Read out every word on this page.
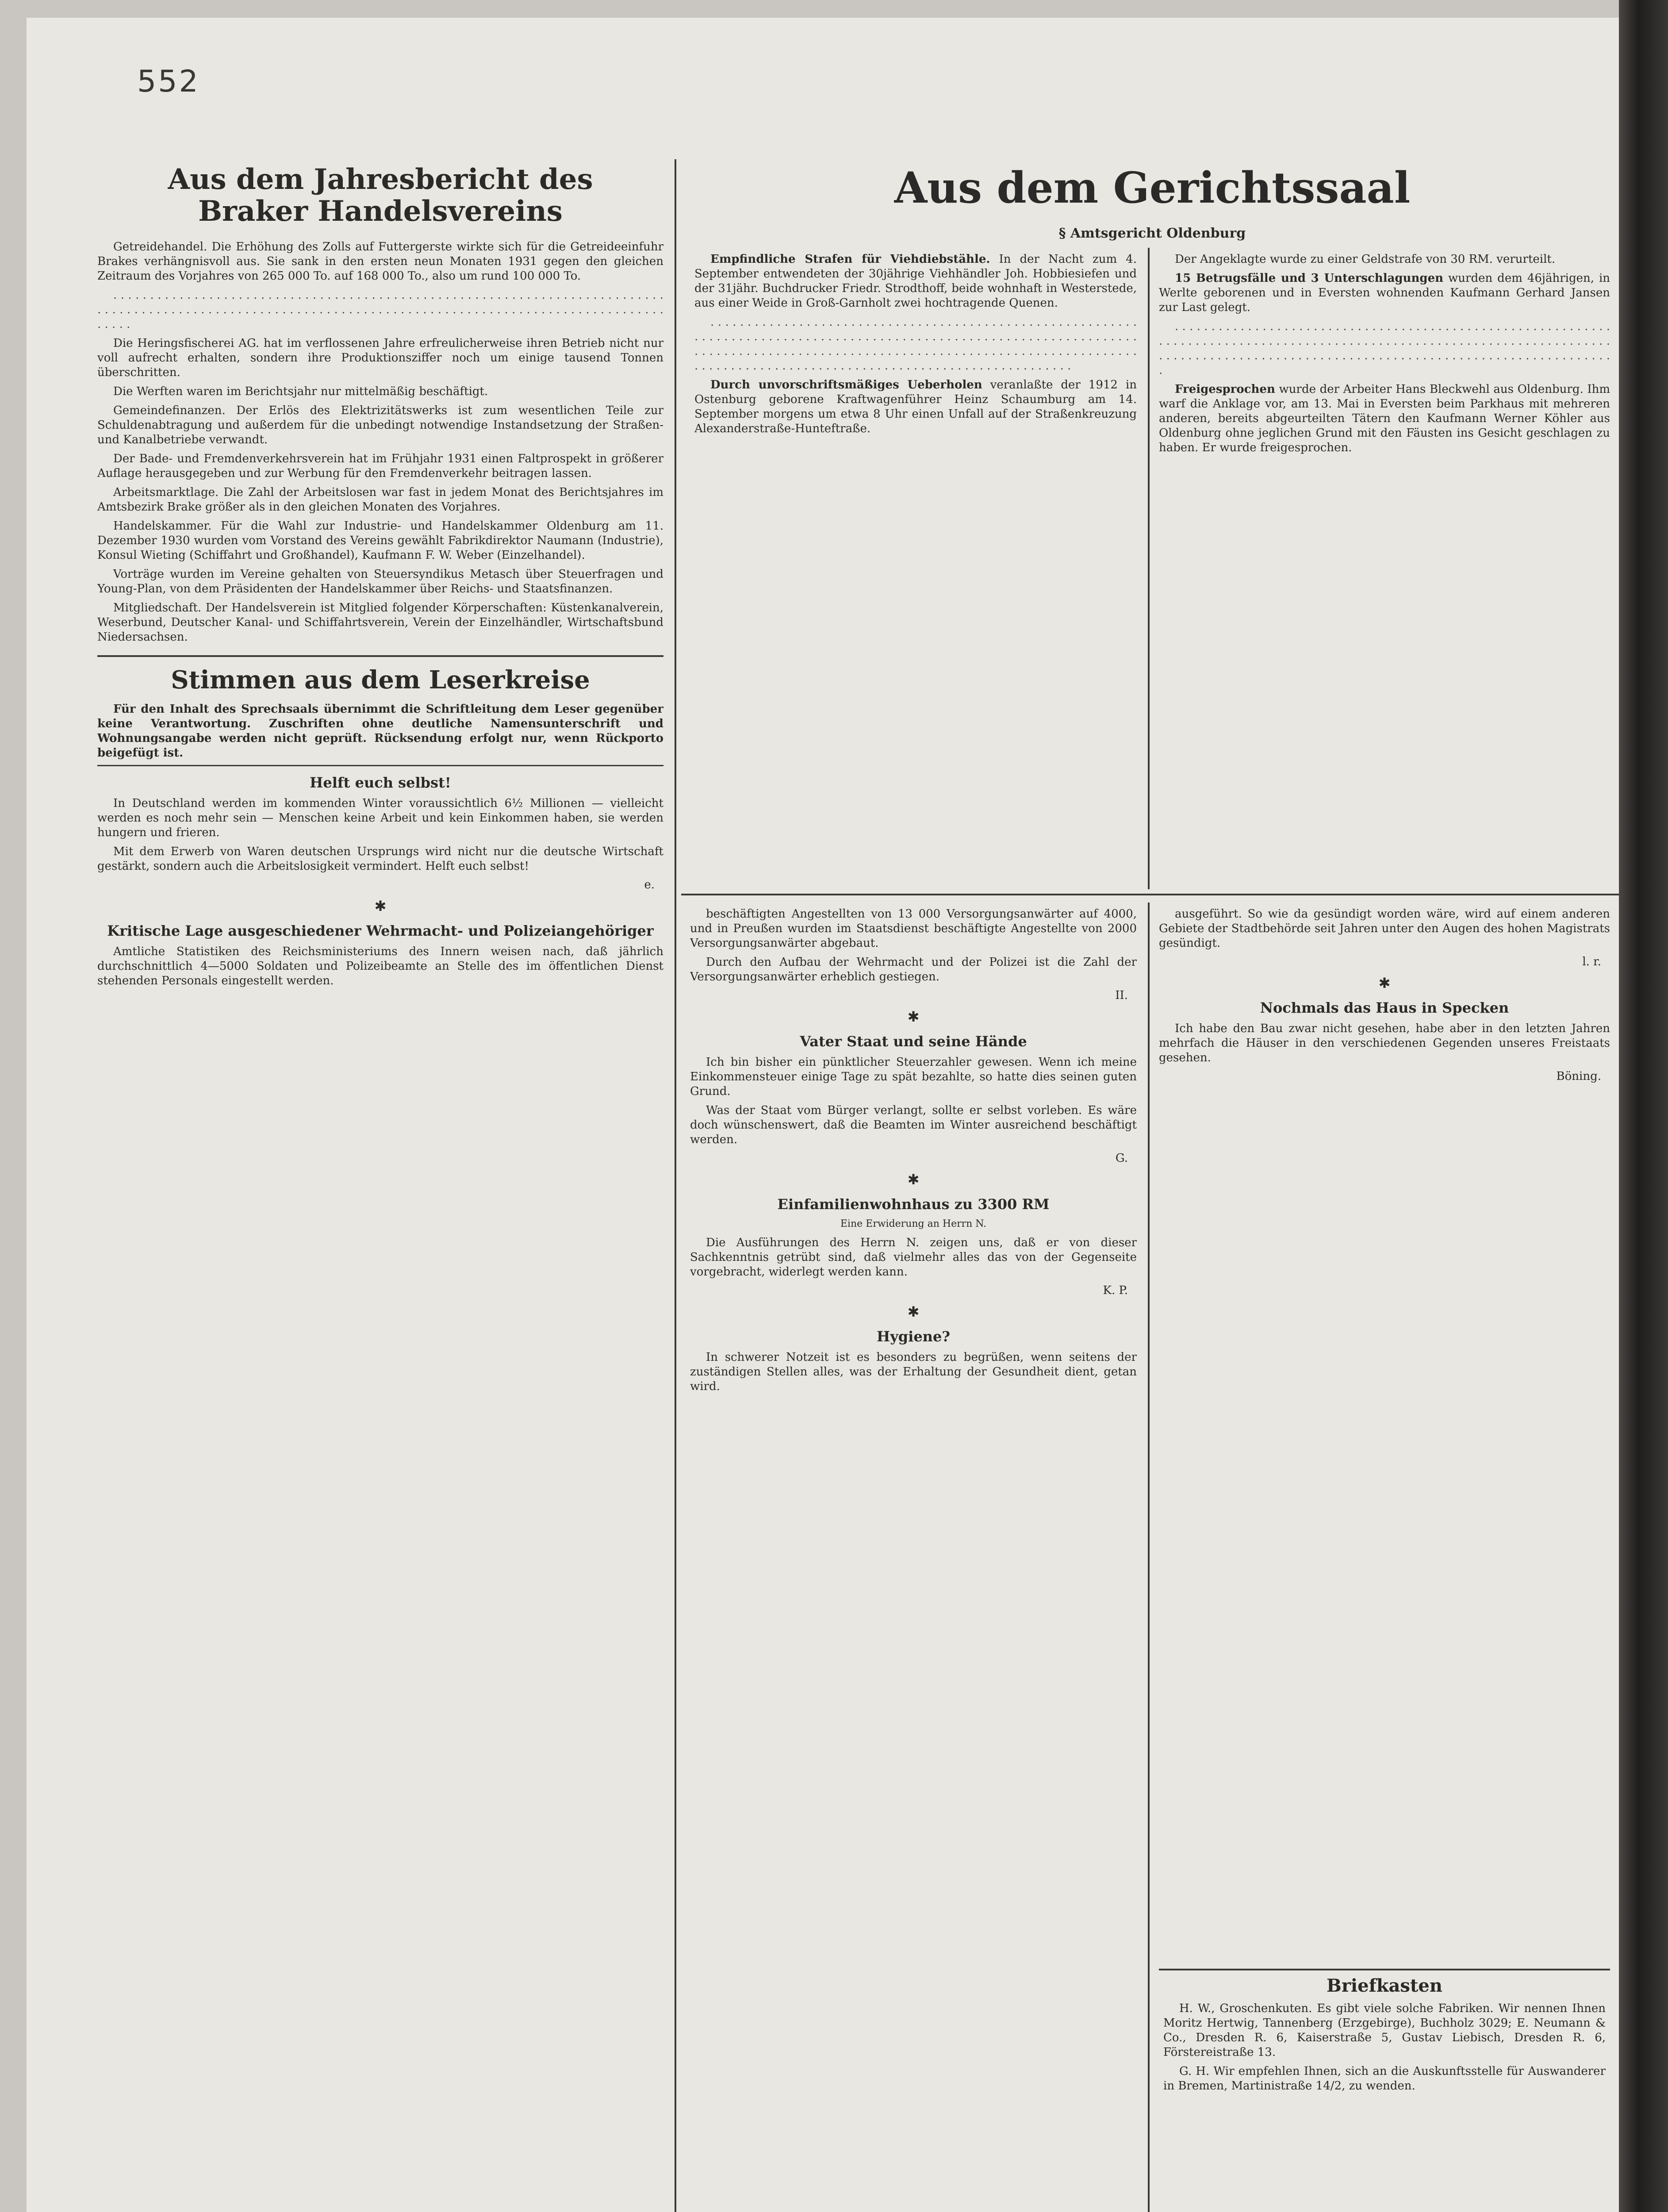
552
Aus dem Jahresbericht des Braker Handelsvereins

Getreidehandel. Die Erhöhung des Zolls auf Futtergerste wirkte sich für die Getreideeinfuhr Brakes verhängnisvoll aus. Sie sank in den ersten neun Monaten 1931 gegen den gleichen Zeitraum des Vorjahres von 265 000 To. auf 168 000 To., also um rund 100 000 To.

. . . . . . . . . . . . . . . . . . . . . . . . . . . . . . . . . . . . . . . . . . . . . . . . . . . . . . . . . . . . . . . . . . . . . . . . . . . . . . . . . . . . . . . . . . . . . . . . . . . . . . . . . . . . . . . . . . . . . . . . . . . . . . . . . . . . . . . . . . . . . . . . . . . . . . . . . . . . .

Die Heringsfischerei AG. hat im verflossenen Jahre erfreulicherweise ihren Betrieb nicht nur voll aufrecht erhalten, sondern ihre Produktionsziffer noch um einige tausend Tonnen überschritten.

Die Werften waren im Berichtsjahr nur mittelmäßig beschäftigt.

Gemeindefinanzen. Der Erlös des Elektrizitätswerks ist zum wesentlichen Teile zur Schuldenabtragung und außerdem für die unbedingt notwendige Instandsetzung der Straßen- und Kanalbetriebe verwandt.

Der Bade- und Fremdenverkehrsverein hat im Frühjahr 1931 einen Faltprospekt in größerer Auflage herausgegeben und zur Werbung für den Fremdenverkehr beitragen lassen.

Arbeitsmarktlage. Die Zahl der Arbeitslosen war fast in jedem Monat des Berichtsjahres im Amtsbezirk Brake größer als in den gleichen Monaten des Vorjahres.

Handelskammer. Für die Wahl zur Industrie- und Handelskammer Oldenburg am 11. Dezember 1930 wurden vom Vorstand des Vereins gewählt Fabrikdirektor Naumann (Industrie), Konsul Wieting (Schiffahrt und Großhandel), Kaufmann F. W. Weber (Einzelhandel).

Vorträge wurden im Vereine gehalten von Steuersyndikus Metasch über Steuerfragen und Young-Plan, von dem Präsidenten der Handelskammer über Reichs- und Staatsfinanzen.

Mitgliedschaft. Der Handelsverein ist Mitglied folgender Körperschaften: Küstenkanalverein, Weserbund, Deutscher Kanal- und Schiffahrtsverein, Verein der Einzelhändler, Wirtschaftsbund Niedersachsen.

Stimmen aus dem Leserkreise

Für den Inhalt des Sprechsaals übernimmt die Schriftleitung dem Leser gegenüber keine Verantwortung. Zuschriften ohne deutliche Namensunterschrift und Wohnungsangabe werden nicht geprüft. Rücksendung erfolgt nur, wenn Rückporto beigefügt ist.

Helft euch selbst!

In Deutschland werden im kommenden Winter voraussichtlich 6½ Millionen — vielleicht werden es noch mehr sein — Menschen keine Arbeit und kein Einkommen haben, sie werden hungern und frieren.

Mit dem Erwerb von Waren deutschen Ursprungs wird nicht nur die deutsche Wirtschaft gestärkt, sondern auch die Arbeitslosigkeit vermindert. Helft euch selbst!

e.
✱
Kritische Lage ausgeschiedener Wehrmacht- und Polizeiangehöriger

Amtliche Statistiken des Reichsministeriums des Innern weisen nach, daß jährlich durchschnittlich 4—5000 Soldaten und Polizeibeamte an Stelle des im öffentlichen Dienst stehenden Personals eingestellt werden.

Aus dem Gerichtssaal
§ Amtsgericht Oldenburg

Empfindliche Strafen für Viehdiebstähle. In der Nacht zum 4. September entwendeten der 30jährige Viehhändler Joh. Hobbiesiefen und der 31jähr. Buchdrucker Friedr. Strodthoff, beide wohnhaft in Westerstede, aus einer Weide in Groß-Garnholt zwei hochtragende Quenen.

. . . . . . . . . . . . . . . . . . . . . . . . . . . . . . . . . . . . . . . . . . . . . . . . . . . . . . . . . . . . . . . . . . . . . . . . . . . . . . . . . . . . . . . . . . . . . . . . . . . . . . . . . . . . . . . . . . . . . . . . . . . . . . . . . . . . . . . . . . . . . . . . . . . . . . . . . . . . . . . . . . . . . . . . . . . . . . . . . . . . . . . . . . . . . . . . . . . . . . . . . . . . . . . . . . . . . . . . . . . . . . . . . . . . . .

Durch unvorschriftsmäßiges Ueberholen veranlaßte der 1912 in Ostenburg geborene Kraftwagenführer Heinz Schaumburg am 14. September morgens um etwa 8 Uhr einen Unfall auf der Straßenkreuzung Alexanderstraße-Hunteftraße.

Der Angeklagte wurde zu einer Geldstrafe von 30 RM. verurteilt.

15 Betrugsfälle und 3 Unterschlagungen wurden dem 46jährigen, in Werlte geborenen und in Eversten wohnenden Kaufmann Gerhard Jansen zur Last gelegt.

. . . . . . . . . . . . . . . . . . . . . . . . . . . . . . . . . . . . . . . . . . . . . . . . . . . . . . . . . . . . . . . . . . . . . . . . . . . . . . . . . . . . . . . . . . . . . . . . . . . . . . . . . . . . . . . . . . . . . . . . . . . . . . . . . . . . . . . . . . . . . . . . . . . . . . . . . . . . . . . . . . . . . . . . . . . . . . . . . . . . . . . . .

Freigesprochen wurde der Arbeiter Hans Bleckwehl aus Oldenburg. Ihm warf die Anklage vor, am 13. Mai in Eversten beim Parkhaus mit mehreren anderen, bereits abgeurteilten Tätern den Kaufmann Werner Köhler aus Oldenburg ohne jeglichen Grund mit den Fäusten ins Gesicht geschlagen zu haben. Er wurde freigesprochen.

beschäftigten Angestellten von 13 000 Versorgungsanwärter auf 4000, und in Preußen wurden im Staatsdienst beschäftigte Angestellte von 2000 Versorgungsanwärter abgebaut.

Durch den Aufbau der Wehrmacht und der Polizei ist die Zahl der Versorgungsanwärter erheblich gestiegen.

II.
✱
Vater Staat und seine Hände

Ich bin bisher ein pünktlicher Steuerzahler gewesen. Wenn ich meine Einkommensteuer einige Tage zu spät bezahlte, so hatte dies seinen guten Grund.

Was der Staat vom Bürger verlangt, sollte er selbst vorleben. Es wäre doch wünschenswert, daß die Beamten im Winter ausreichend beschäftigt werden.

G.
✱
Einfamilienwohnhaus zu 3300 RM
Eine Erwiderung an Herrn N.

Die Ausführungen des Herrn N. zeigen uns, daß er von dieser Sachkenntnis getrübt sind, daß vielmehr alles das von der Gegenseite vorgebracht, widerlegt werden kann.

K. P.
✱
Hygiene?

In schwerer Notzeit ist es besonders zu begrüßen, wenn seitens der zuständigen Stellen alles, was der Erhaltung der Gesundheit dient, getan wird.

ausgeführt. So wie da gesündigt worden wäre, wird auf einem anderen Gebiete der Stadtbehörde seit Jahren unter den Augen des hohen Magistrats gesündigt.

l. r.
✱
Nochmals das Haus in Specken

Ich habe den Bau zwar nicht gesehen, habe aber in den letzten Jahren mehrfach die Häuser in den verschiedenen Gegenden unseres Freistaats gesehen.

Böning.
Briefkasten

H. W., Groschenkuten. Es gibt viele solche Fabriken. Wir nennen Ihnen Moritz Hertwig, Tannenberg (Erzgebirge), Buchholz 3029; E. Neumann & Co., Dresden R. 6, Kaiserstraße 5, Gustav Liebisch, Dresden R. 6, Förstereistraße 13.

G. H. Wir empfehlen Ihnen, sich an die Auskunftsstelle für Auswanderer in Bremen, Martinistraße 14/2, zu wenden.
